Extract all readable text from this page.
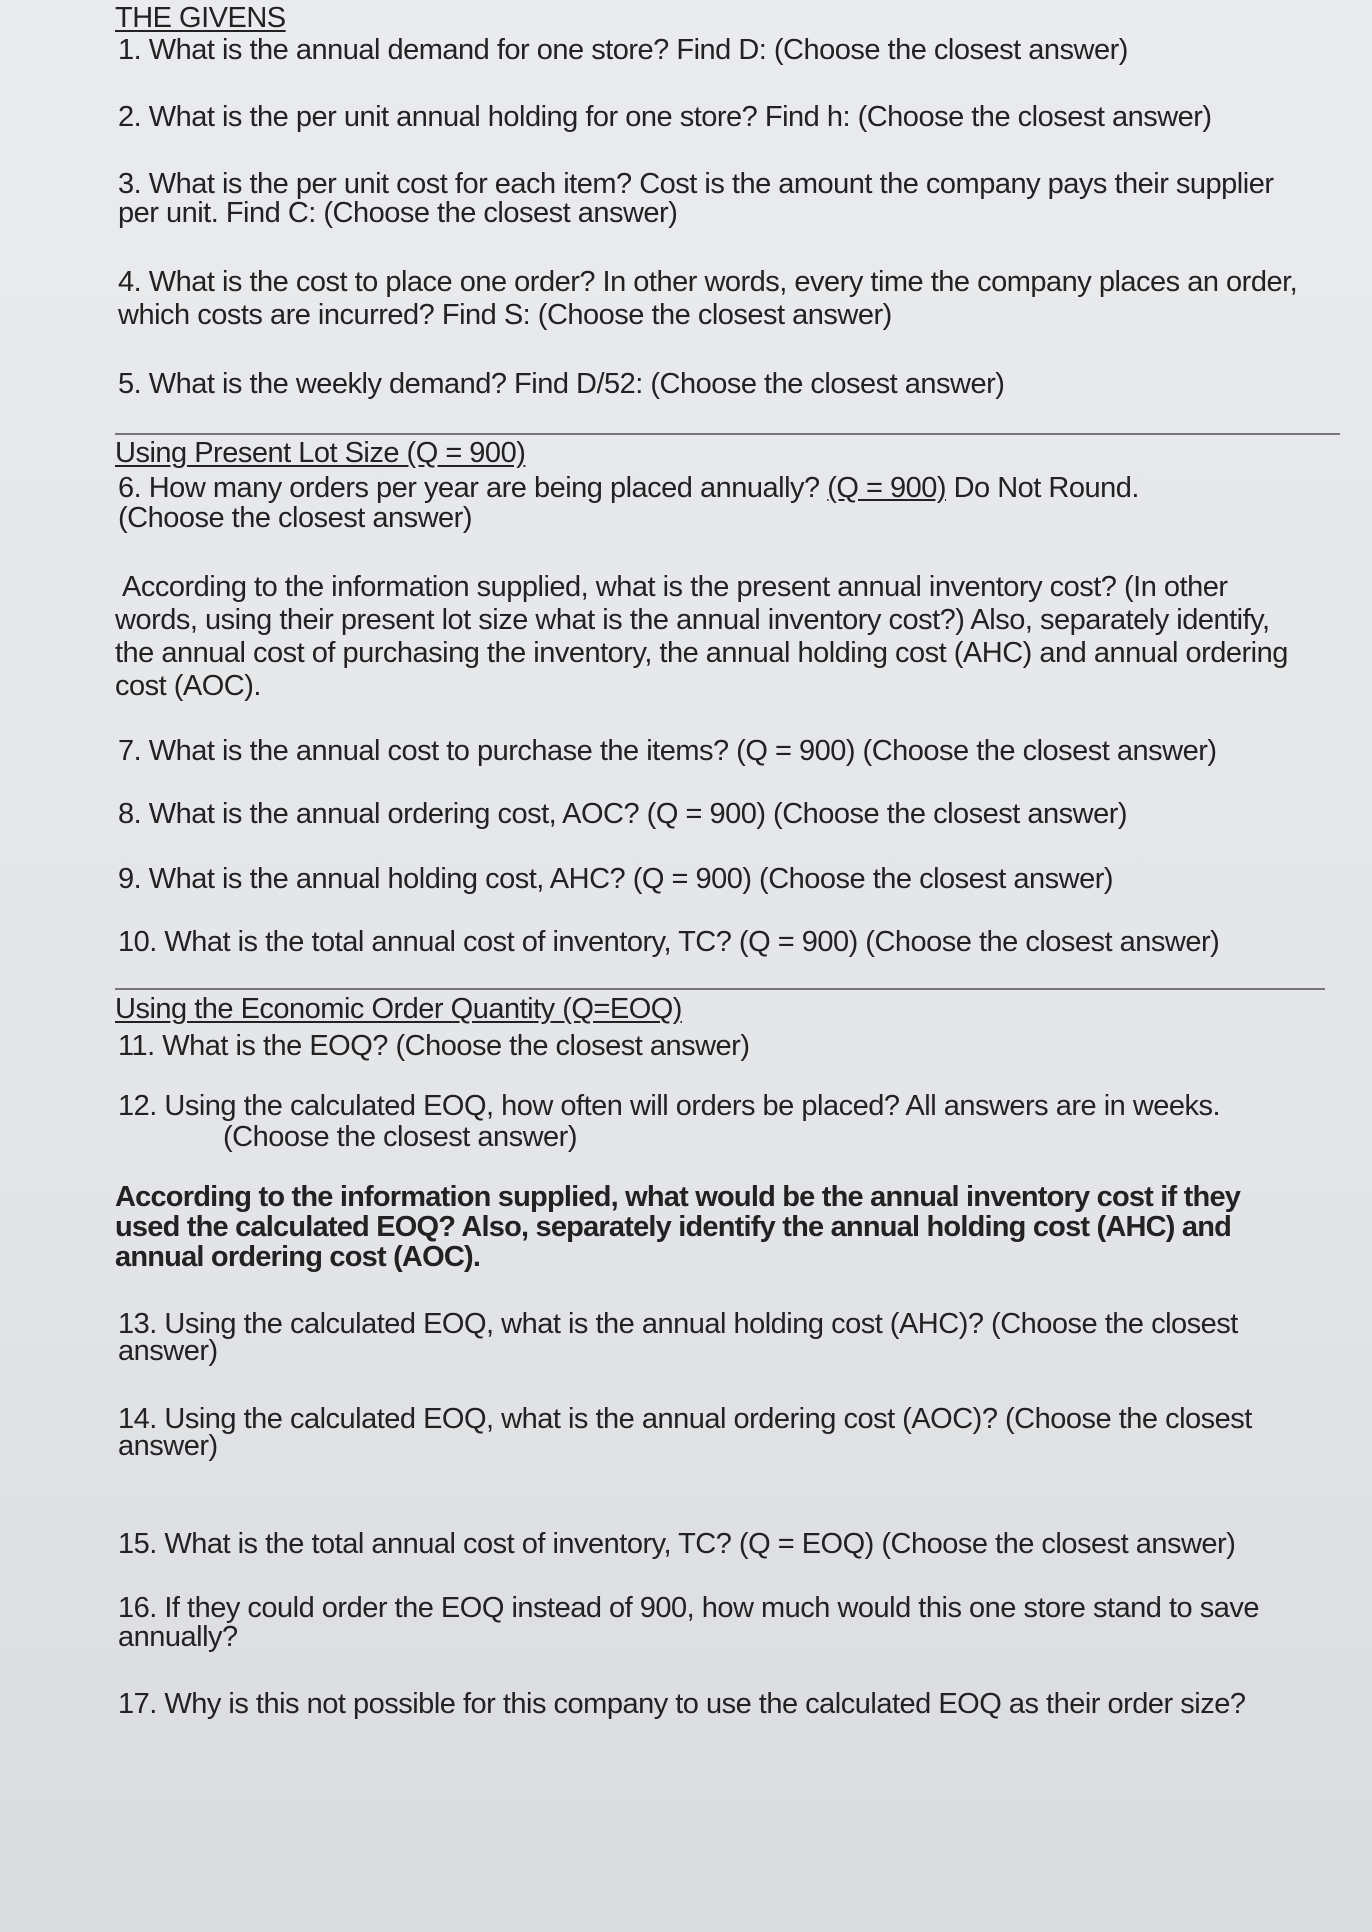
THE GIVENS
1. What is the annual demand for one store? Find D: (Choose the closest answer)
2. What is the per unit annual holding for one store? Find h: (Choose the closest answer)
3. What is the per unit cost for each item? Cost is the amount the company pays their supplier
per unit. Find C: (Choose the closest answer)
4. What is the cost to place one order? In other words, every time the company places an order,
which costs are incurred? Find S: (Choose the closest answer)
5. What is the weekly demand? Find D/52: (Choose the closest answer)
Using Present Lot Size (Q = 900)
6. How many orders per year are being placed annually? (Q = 900) Do Not Round.
(Choose the closest answer)
According to the information supplied, what is the present annual inventory cost? (In other
words, using their present lot size what is the annual inventory cost?) Also, separately identify,
the annual cost of purchasing the inventory, the annual holding cost (AHC) and annual ordering
cost (AOC).
7. What is the annual cost to purchase the items? (Q = 900) (Choose the closest answer)
8. What is the annual ordering cost, AOC? (Q = 900) (Choose the closest answer)
9. What is the annual holding cost, AHC? (Q = 900) (Choose the closest answer)
10. What is the total annual cost of inventory, TC? (Q = 900) (Choose the closest answer)
Using the Economic Order Quantity (Q=EOQ)
11. What is the EOQ? (Choose the closest answer)
12. Using the calculated EOQ, how often will orders be placed? All answers are in weeks.
(Choose the closest answer)
According to the information supplied, what would be the annual inventory cost if they
used the calculated EOQ? Also, separately identify the annual holding cost (AHC) and
annual ordering cost (AOC).
13. Using the calculated EOQ, what is the annual holding cost (AHC)? (Choose the closest
answer)
14. Using the calculated EOQ, what is the annual ordering cost (AOC)? (Choose the closest
answer)
15. What is the total annual cost of inventory, TC? (Q = EOQ) (Choose the closest answer)
16. If they could order the EOQ instead of 900, how much would this one store stand to save
annually?
17. Why is this not possible for this company to use the calculated EOQ as their order size?
